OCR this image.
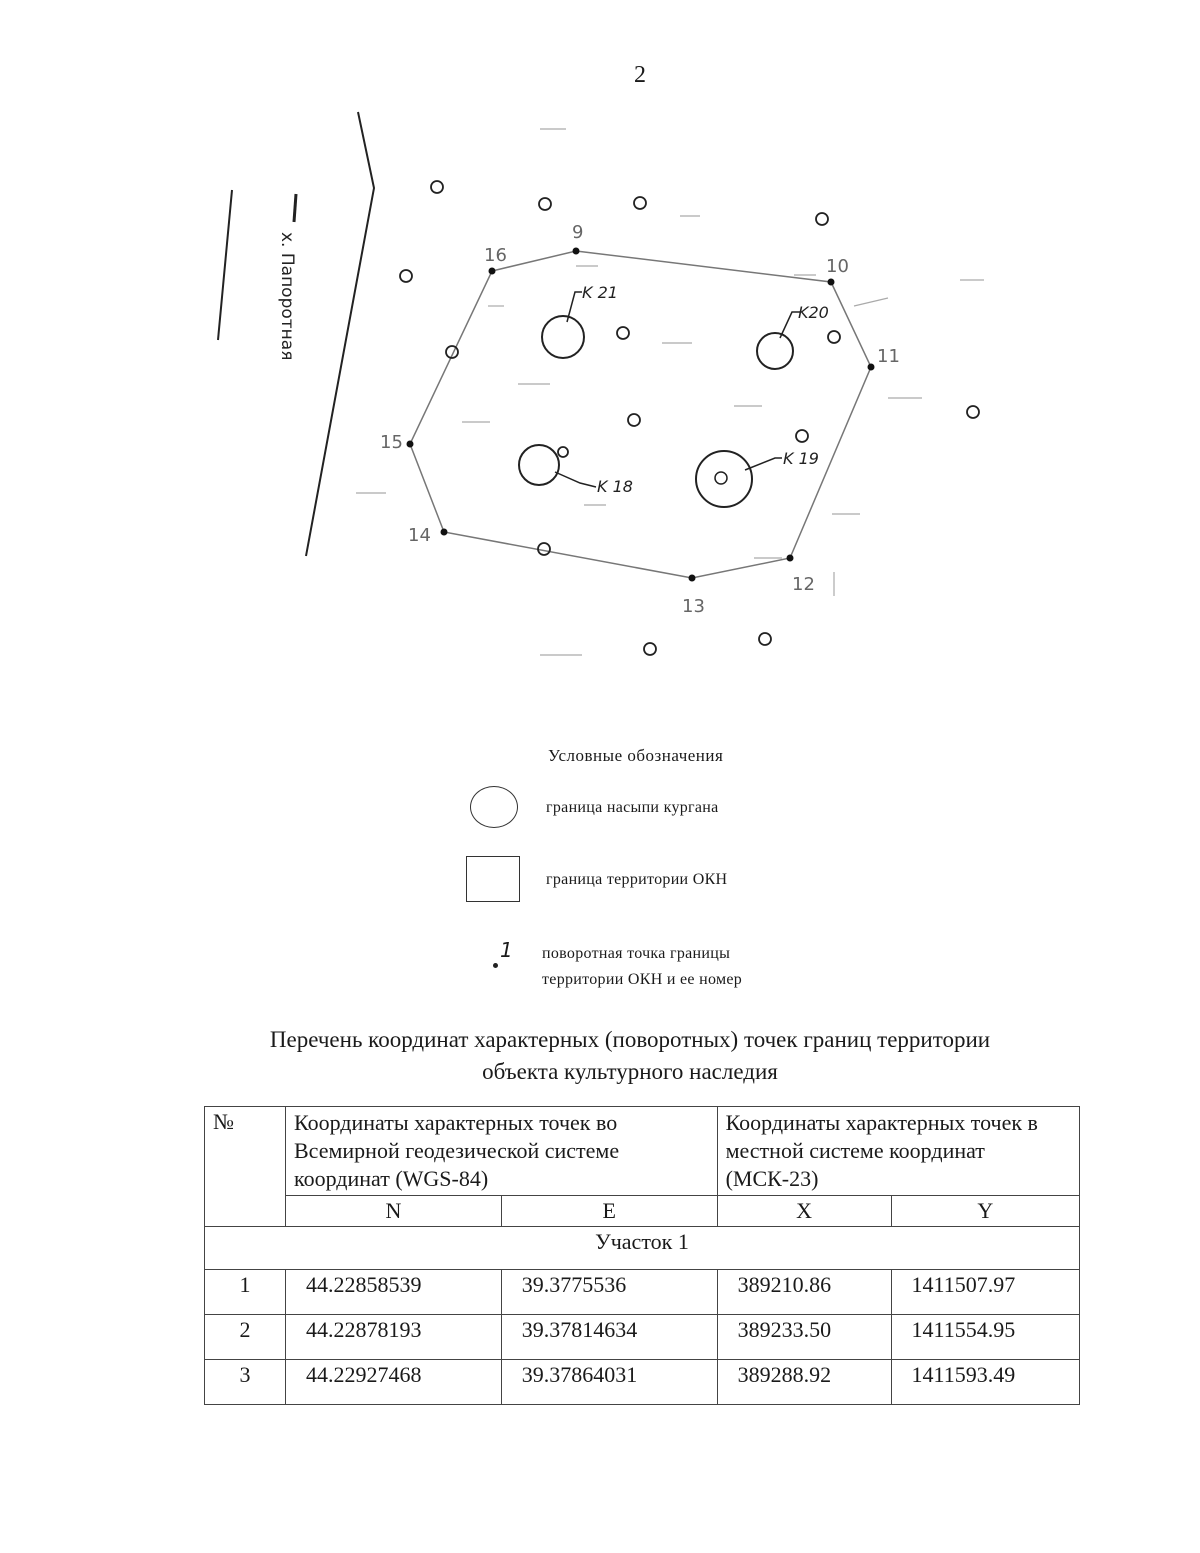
2
х. Папоротная	9
10
11
12
13
14
15
16
K 21
K20
K 18
K 19
Условные обозначения
граница насыпи кургана
граница территории ОКН
1 поворотная точка границы
территории ОКН и ее номер
Перечень координат характерных (поворотных) точек границ территории
объекта культурного наследия
№	Координаты характерных точек во Всемирной геодезической системе координат (WGS-84)		Координаты характерных точек в местной системе координат (МСК-23)	
	N	E	X	Y
Участок 1				
1	44.22858539	39.3775536	389210.86	1411507.97
2	44.22878193	39.37814634	389233.50	1411554.95
3	44.22927468	39.37864031	389288.92	1411593.49
